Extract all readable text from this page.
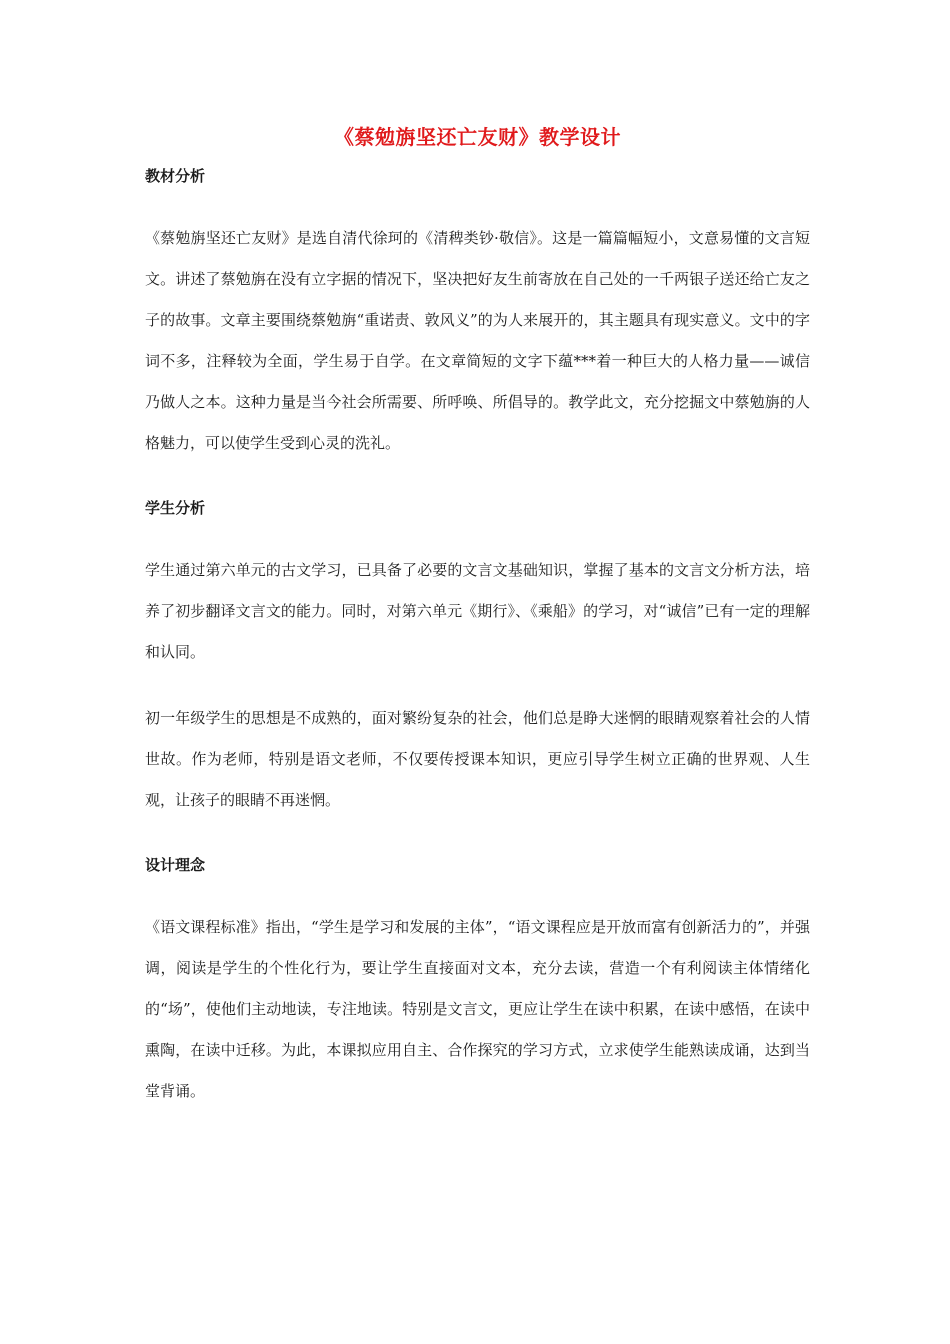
《蔡勉旃坚还亡友财》教学设计
教材分析

《蔡勉旃坚还亡友财》是选自清代徐珂的《清稗类钞·敬信》。这是一篇篇幅短小，文意易懂的文言短文。讲述了蔡勉旃在没有立字据的情况下，坚决把好友生前寄放在自己处的一千两银子送还给亡友之子的故事。文章主要围绕蔡勉旃“重诺责、敦风义”的为人来展开的，其主题具有现实意义。文中的字词不多，注释较为全面，学生易于自学。在文章简短的文字下蕴***着一种巨大的人格力量——诚信乃做人之本。这种力量是当今社会所需要、所呼唤、所倡导的。教学此文，充分挖掘文中蔡勉旃的人格魅力，可以使学生受到心灵的洗礼。

学生分析

学生通过第六单元的古文学习，已具备了必要的文言文基础知识，掌握了基本的文言文分析方法，培养了初步翻译文言文的能力。同时，对第六单元《期行》、《乘船》的学习，对“诚信”已有一定的理解和认同。

初一年级学生的思想是不成熟的，面对繁纷复杂的社会，他们总是睁大迷惘的眼睛观察着社会的人情世故。作为老师，特别是语文老师，不仅要传授课本知识，更应引导学生树立正确的世界观、人生观，让孩子的眼睛不再迷惘。

设计理念

《语文课程标准》指出，“学生是学习和发展的主体”，“语文课程应是开放而富有创新活力的”，并强调，阅读是学生的个性化行为，要让学生直接面对文本，充分去读，营造一个有利阅读主体情绪化的“场”，使他们主动地读，专注地读。特别是文言文，更应让学生在读中积累，在读中感悟，在读中熏陶，在读中迁移。为此，本课拟应用自主、合作探究的学习方式，立求使学生能熟读成诵，达到当堂背诵。
